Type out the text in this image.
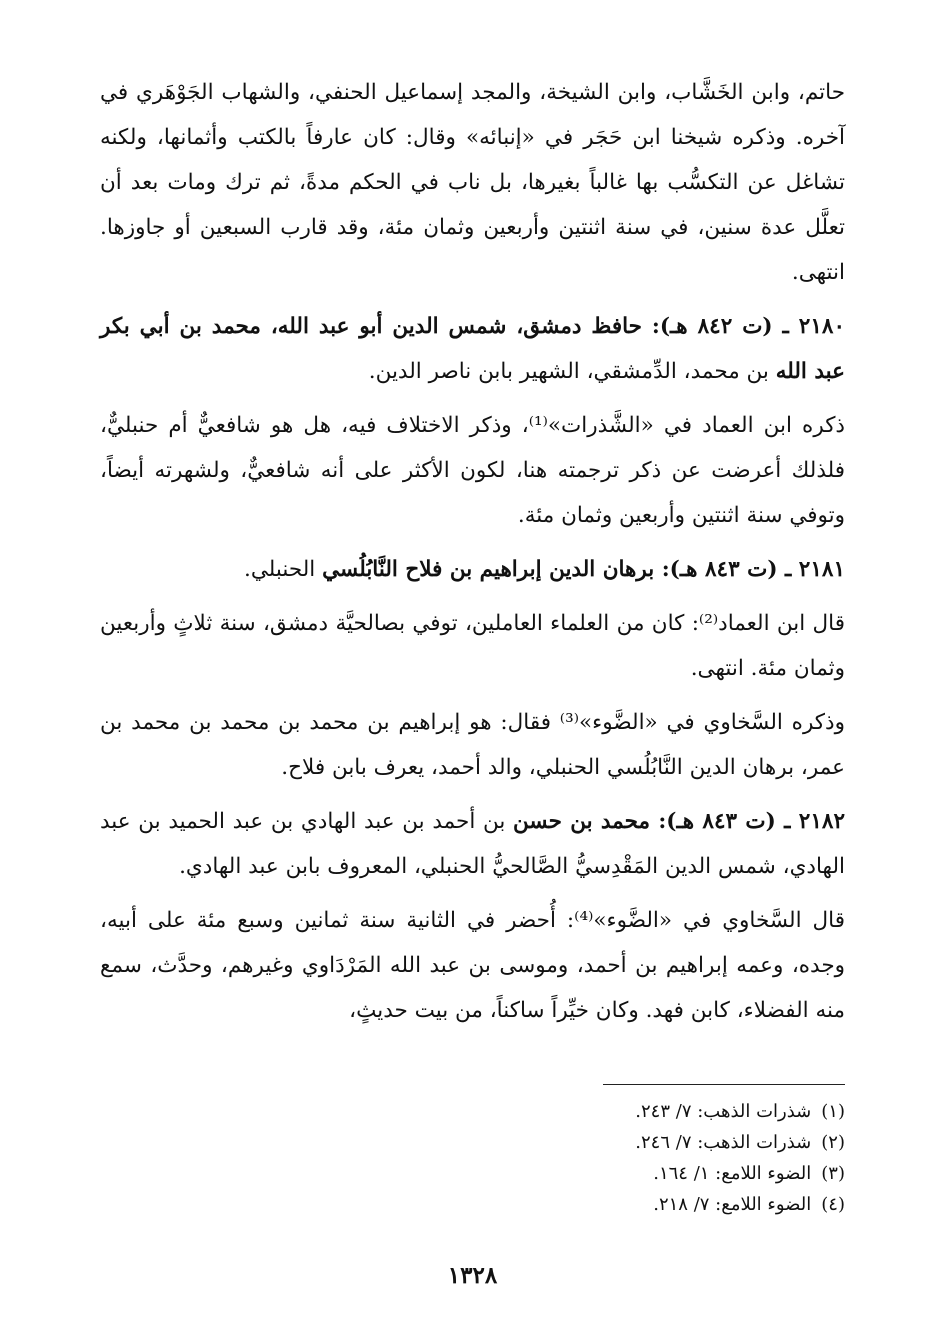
حاتم، وابن الخَشَّاب، وابن الشيخة، والمجد إسماعيل الحنفي، والشهاب الجَوْهَري في آخره. وذكره شيخنا ابن حَجَر في «إنبائه» وقال: كان عارفاً بالكتب وأثمانها، ولكنه تشاغل عن التكسُّب بها غالباً بغيرها، بل ناب في الحكم مدةً، ثم ترك ومات بعد أن تعلَّل عدة سنين، في سنة اثنتين وأربعين وثمان مئة، وقد قارب السبعين أو جاوزها. انتهى.

٢١٨٠ ـ (ت ٨٤٢ هـ): حافظ دمشق، شمس الدين أبو عبد الله، محمد بن أبي بكر عبد الله بن محمد، الدِّمشقي، الشهير بابن ناصر الدين.

ذكره ابن العماد في «الشَّذرات»⁽¹⁾، وذكر الاختلاف فيه، هل هو شافعيٌّ أم حنبليٌّ، فلذلك أعرضت عن ذكر ترجمته هنا، لكون الأكثر على أنه شافعيٌّ، ولشهرته أيضاً، وتوفي سنة اثنتين وأربعين وثمان مئة.

٢١٨١ ـ (ت ٨٤٣ هـ): برهان الدين إبراهيم بن فلاح النَّابُلُسي الحنبلي.

قال ابن العماد⁽²⁾: كان من العلماء العاملين، توفي بصالحيَّة دمشق، سنة ثلاثٍ وأربعين وثمان مئة. انتهى.

وذكره السَّخاوي في «الضَّوء»⁽³⁾ فقال: هو إبراهيم بن محمد بن محمد بن محمد بن عمر، برهان الدين النَّابُلُسي الحنبلي، والد أحمد، يعرف بابن فلاح.

٢١٨٢ ـ (ت ٨٤٣ هـ): محمد بن حسن بن أحمد بن عبد الهادي بن عبد الحميد بن عبد الهادي، شمس الدين المَقْدِسيُّ الصَّالحيُّ الحنبلي، المعروف بابن عبد الهادي.

قال السَّخاوي في «الضَّوء»⁽⁴⁾: أُحضر في الثانية سنة ثمانين وسبع مئة على أبيه، وجده، وعمه إبراهيم بن أحمد، وموسى بن عبد الله المَرْدَاوي وغيرهم، وحدَّث، سمع منه الفضلاء، كابن فهد. وكان خيِّراً ساكناً، من بيت حديثٍ،

(١)شذرات الذهب: ٧/ ٢٤٣.
(٢)شذرات الذهب: ٧/ ٢٤٦.
(٣)الضوء اللامع: ١/ ١٦٤.
(٤)الضوء اللامع: ٧/ ٢١٨.
١٣٢٨
